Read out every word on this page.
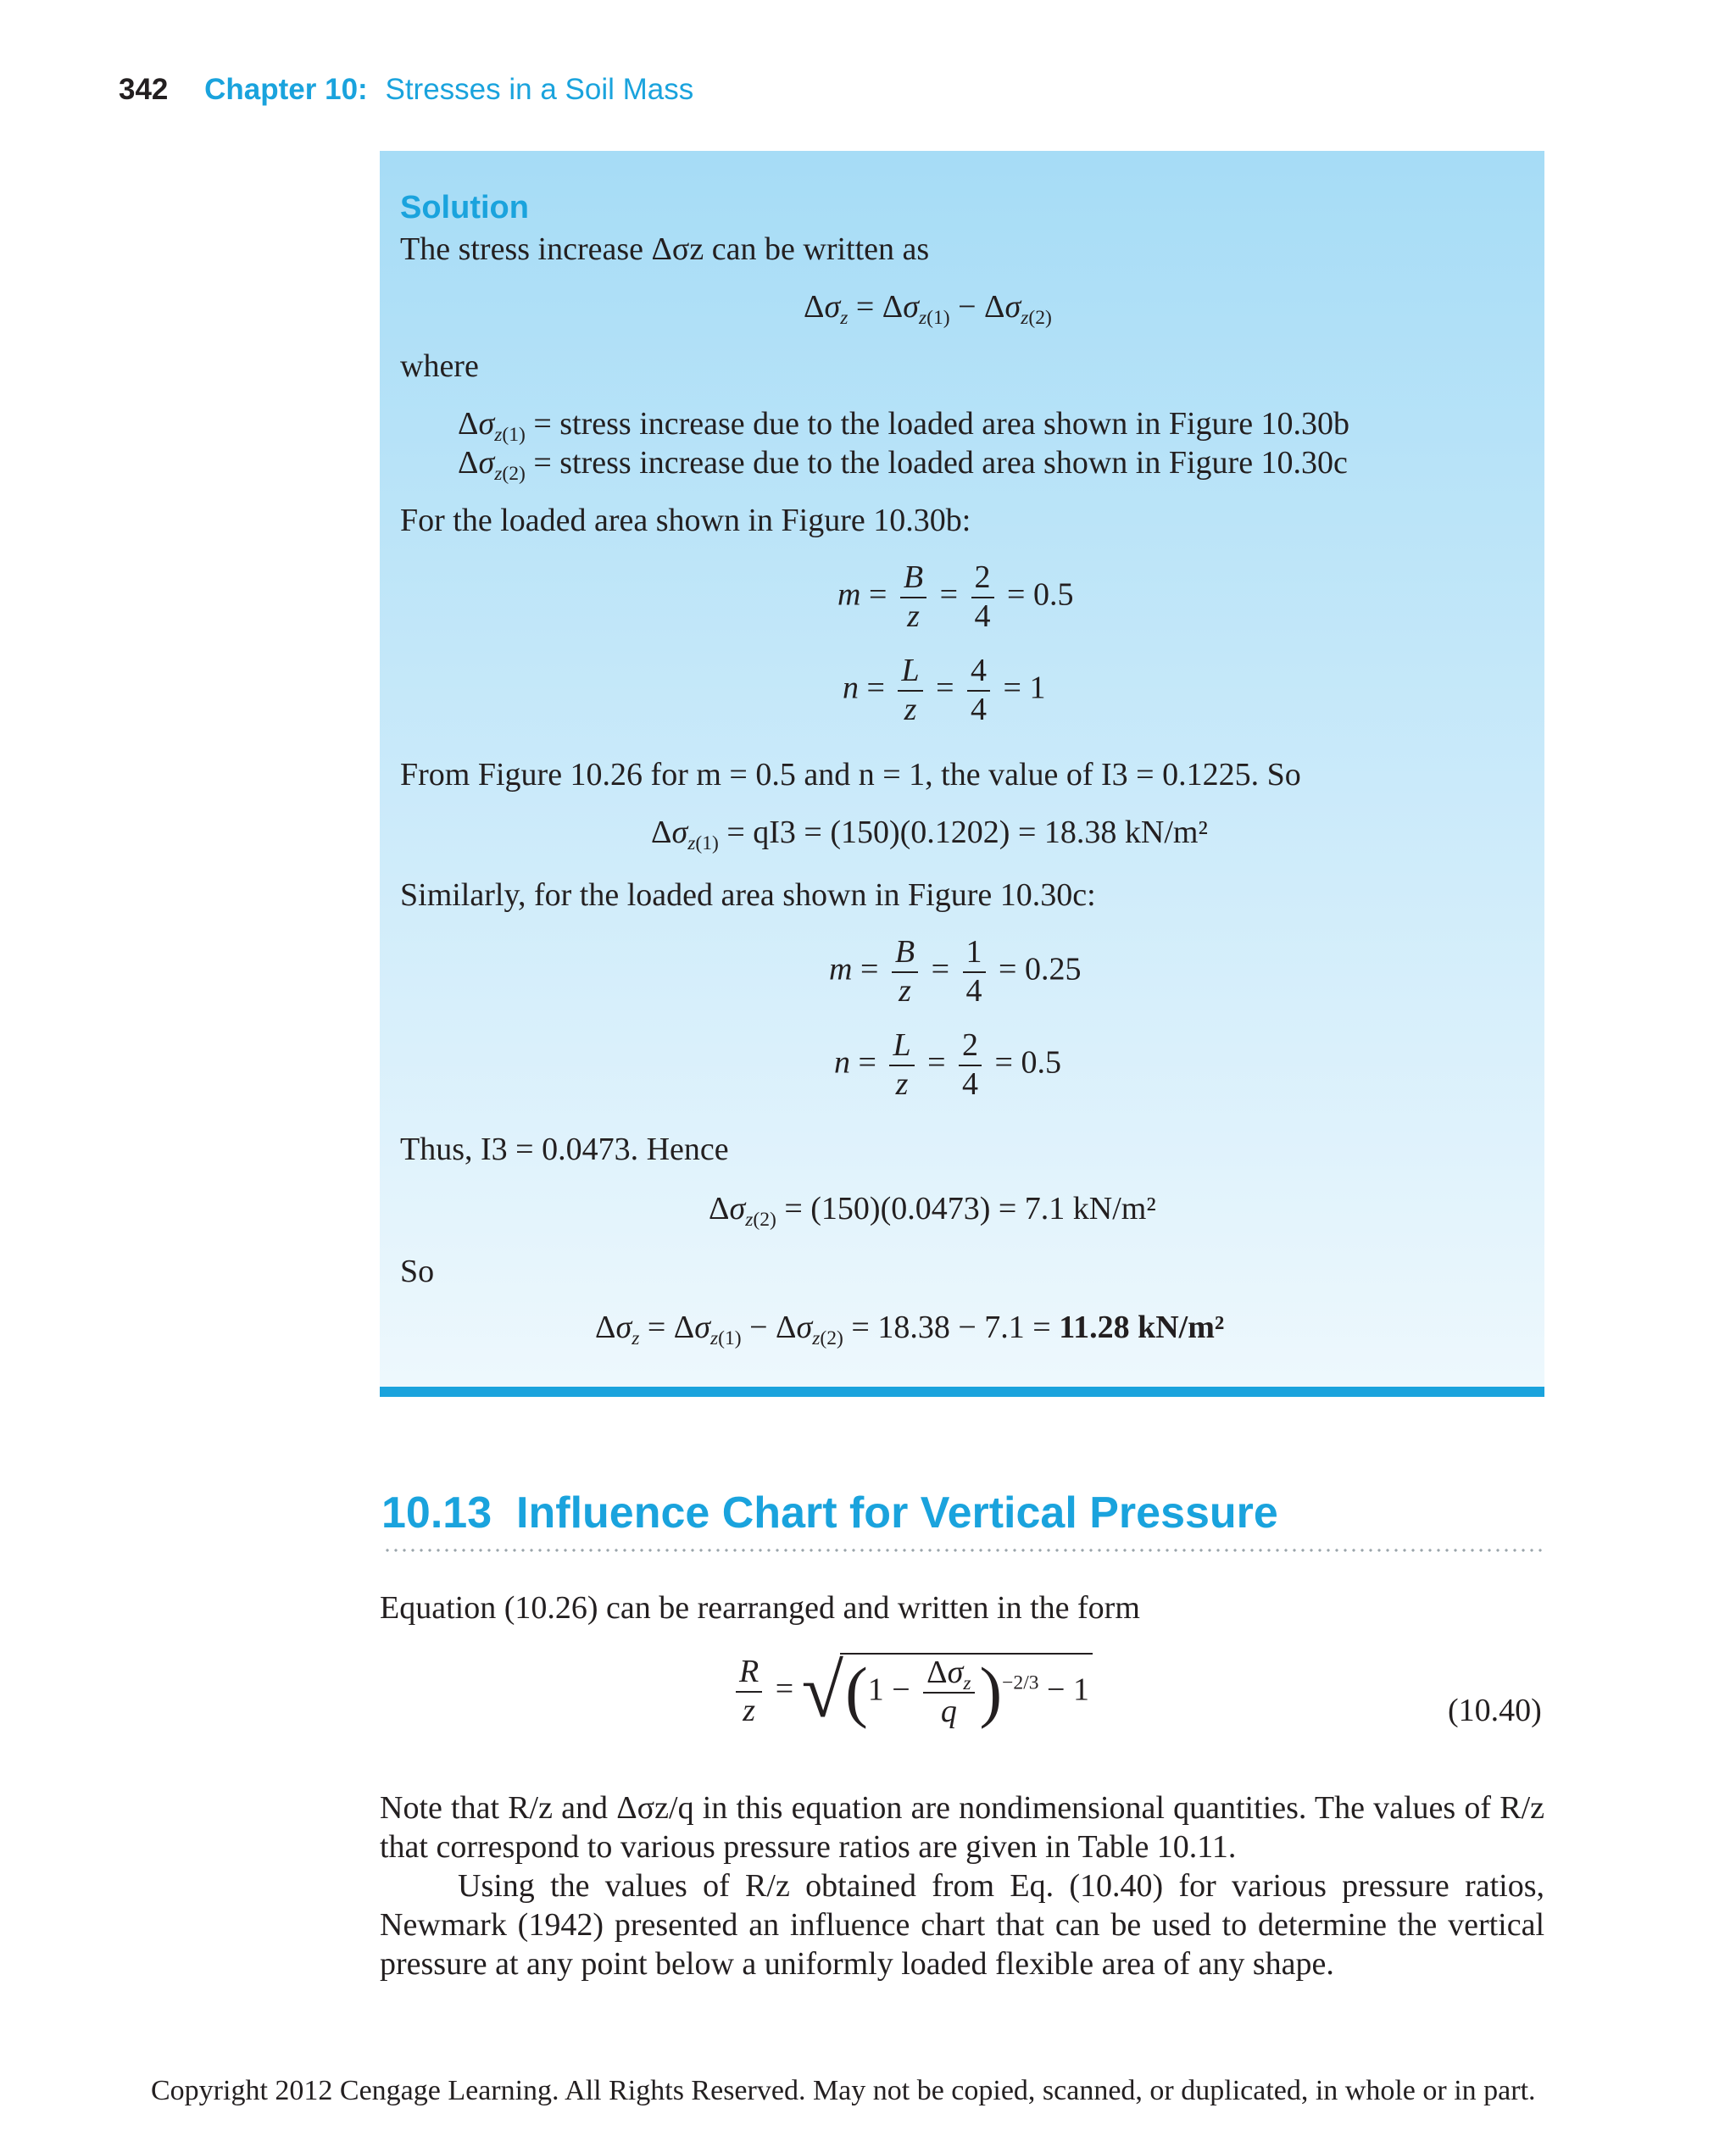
342 Chapter 10: Stresses in a Soil Mass
Solution
The stress increase Δσz can be written as
$\Delta\sigma_z = \Delta\sigma_{z(1)} - \Delta\sigma_{z(2)}$
where
$\Delta\sigma_{z(1)}$ = stress increase due to the loaded area shown in Figure 10.30b
$\Delta\sigma_{z(2)}$ = stress increase due to the loaded area shown in Figure 10.30c
For the loaded area shown in Figure 10.30b:
$m = \frac{B}{z} = \frac{2}{4} = 0.5$
$n = \frac{L}{z} = \frac{4}{4} = 1$
From Figure 10.26 for m = 0.5 and n = 1, the value of I3 = 0.1225. So
$\Delta\sigma_{z(1)} = qI3 = (150)(0.1202) = 18.38$ kN/m²
Similarly, for the loaded area shown in Figure 10.30c:
$m = \frac{B}{z} = \frac{1}{4} = 0.25$
$n = \frac{L}{z} = \frac{2}{4} = 0.5$
Thus, I3 = 0.0473. Hence
$\Delta\sigma_{z(2)} = (150)(0.0473) = 7.1$ kN/m²
So
$\Delta\sigma_z = \Delta\sigma_{z(1)} - \Delta\sigma_{z(2)} = 18.38 - 7.1 = 11.28$ kN/m²
10.13 Influence Chart for Vertical Pressure
Equation (10.26) can be rearranged and written in the form
$\frac{R}{z} = √(1 - \frac{\Delta\sigma_z}{q} )^{-2/3} - 1$
(10.40)
Note that R/z and Δσz/q in this equation are nondimensional quantities. The values of R/z that correspond to various pressure ratios are given in Table 10.11.
Using the values of R/z obtained from Eq. (10.40) for various pressure ratios, Newmark (1942) presented an influence chart that can be used to determine the vertical pressure at any point below a uniformly loaded flexible area of any shape.
Copyright 2012 Cengage Learning. All Rights Reserved. May not be copied, scanned, or duplicated, in whole or in part.
